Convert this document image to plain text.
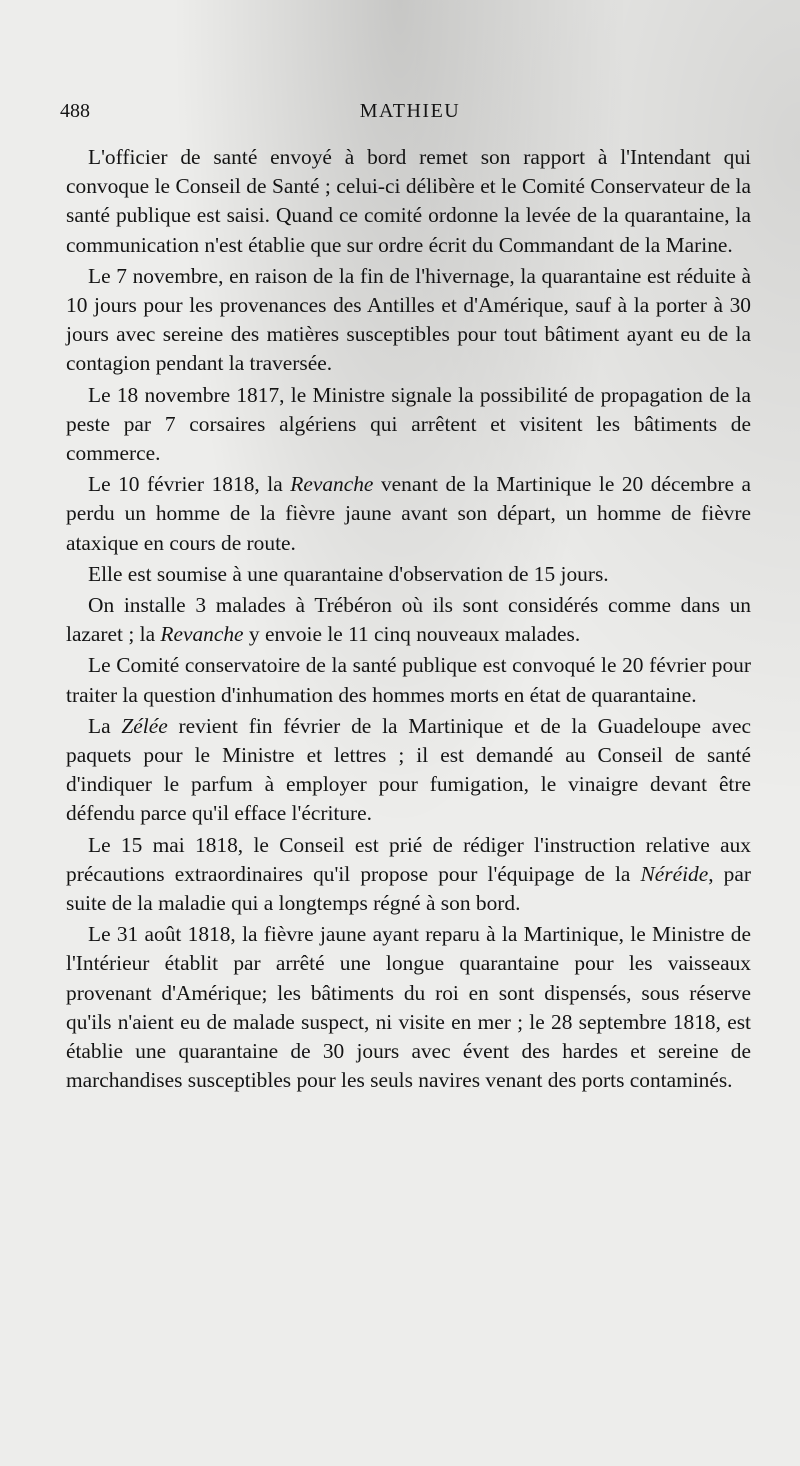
488	MATHIEU

L'officier de santé envoyé à bord remet son rapport à l'Intendant qui convoque le Conseil de Santé ; celui-ci délibère et le Comité Conservateur de la santé publique est saisi. Quand ce comité ordonne la levée de la quarantaine, la communication n'est établie que sur ordre écrit du Commandant de la Marine.

Le 7 novembre, en raison de la fin de l'hivernage, la quarantaine est réduite à 10 jours pour les provenances des Antilles et d'Amérique, sauf à la porter à 30 jours avec sereine des matières susceptibles pour tout bâtiment ayant eu de la contagion pendant la traversée.

Le 18 novembre 1817, le Ministre signale la possibilité de propagation de la peste par 7 corsaires algériens qui arrêtent et visitent les bâtiments de commerce.

Le 10 février 1818, la Revanche venant de la Martinique le 20 décembre a perdu un homme de la fièvre jaune avant son départ, un homme de fièvre ataxique en cours de route.

Elle est soumise à une quarantaine d'observation de 15 jours.

On installe 3 malades à Trébéron où ils sont considérés comme dans un lazaret ; la Revanche y envoie le 11 cinq nouveaux malades.

Le Comité conservatoire de la santé publique est convoqué le 20 février pour traiter la question d'inhumation des hommes morts en état de quarantaine.

La Zélée revient fin février de la Martinique et de la Guadeloupe avec paquets pour le Ministre et lettres ; il est demandé au Conseil de santé d'indiquer le parfum à employer pour fumigation, le vinaigre devant être défendu parce qu'il efface l'écriture.

Le 15 mai 1818, le Conseil est prié de rédiger l'instruction relative aux précautions extraordinaires qu'il propose pour l'équipage de la Néréide, par suite de la maladie qui a longtemps régné à son bord.

Le 31 août 1818, la fièvre jaune ayant reparu à la Martinique, le Ministre de l'Intérieur établit par arrêté une longue quarantaine pour les vaisseaux provenant d'Amérique; les bâtiments du roi en sont dispensés, sous réserve qu'ils n'aient eu de malade suspect, ni visite en mer ; le 28 septembre 1818, est établie une quarantaine de 30 jours avec évent des hardes et sereine de marchandises susceptibles pour les seuls navires venant des ports contaminés.
